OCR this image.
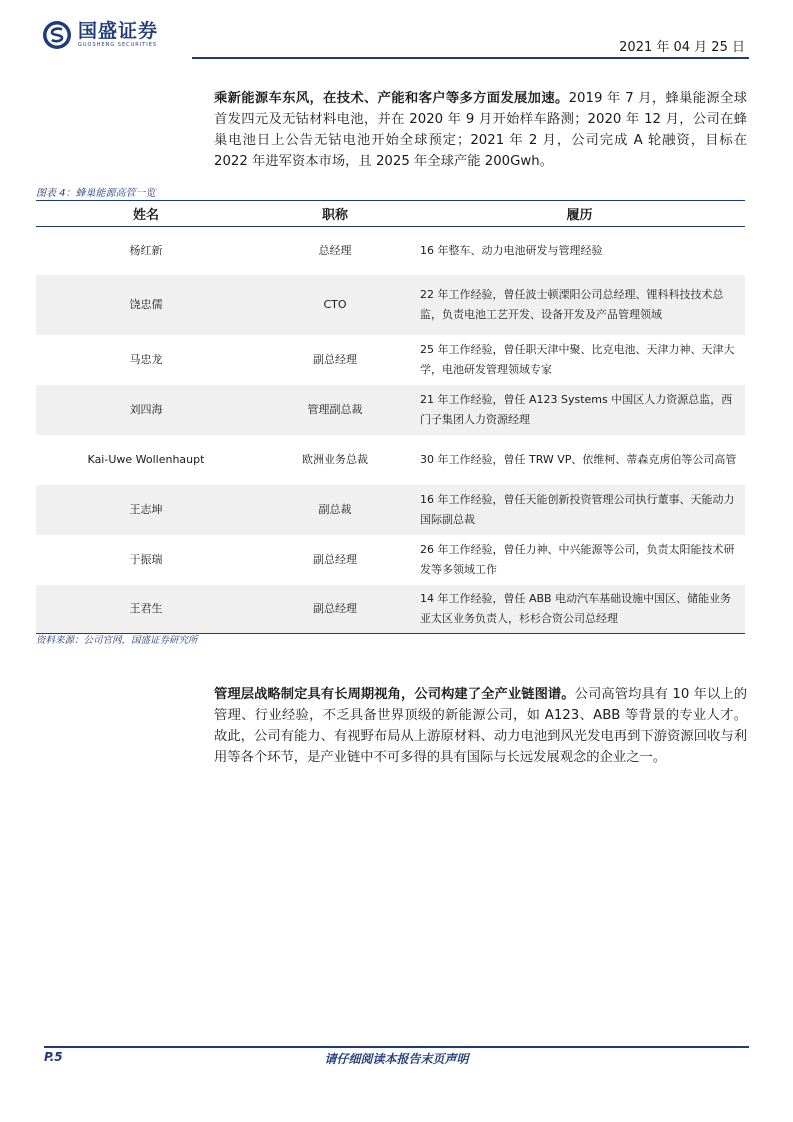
国盛证券
GUOSHENG SECURITIES	2021 年 04 月 25 日
乘新能源车东风，在技术、产能和客户等多方面发展加速。2019 年 7 月，蜂巢能源全球首发四元及无钴材料电池，并在 2020 年 9 月开始样车路测；2020 年 12 月，公司在蜂巢电池日上公告无钴电池开始全球预定；2021 年 2 月，公司完成 A 轮融资，目标在 2022 年进军资本市场，且 2025 年全球产能 200Gwh。
图表 4：蜂巢能源高管一览
姓名	职称	履历
杨红新	总经理	16 年整车、动力电池研发与管理经验
饶忠儒	CTO	22 年工作经验，曾任波士顿溧阳公司总经理、锂科科技技术总监，负责电池工艺开发、设备开发及产品管理领域
马忠龙	副总经理	25 年工作经验，曾任职天津中聚、比克电池、天津力神、天津大学，电池研发管理领域专家
刘四海	管理副总裁	21 年工作经验，曾任 A123 Systems 中国区人力资源总监，西门子集团人力资源经理
Kai-Uwe Wollenhaupt	欧洲业务总裁	30 年工作经验，曾任 TRW VP、依维柯、蒂森克虏伯等公司高管
王志坤	副总裁	16 年工作经验，曾任天能创新投资管理公司执行董事、天能动力国际副总裁
于振瑞	副总经理	26 年工作经验，曾任力神、中兴能源等公司，负责太阳能技术研发等多领域工作
王君生	副总经理	14 年工作经验，曾任 ABB 电动汽车基础设施中国区、储能业务亚太区业务负责人，杉杉合资公司总经理
资料来源：公司官网，国盛证券研究所
管理层战略制定具有长周期视角，公司构建了全产业链图谱。公司高管均具有 10 年以上的管理、行业经验，不乏具备世界顶级的新能源公司，如 A123、ABB 等背景的专业人才。故此，公司有能力、有视野布局从上游原材料、动力电池到风光发电再到下游资源回收与利用等各个环节，是产业链中不可多得的具有国际与长远发展观念的企业之一。
请仔细阅读本报告末页声明
P.5
